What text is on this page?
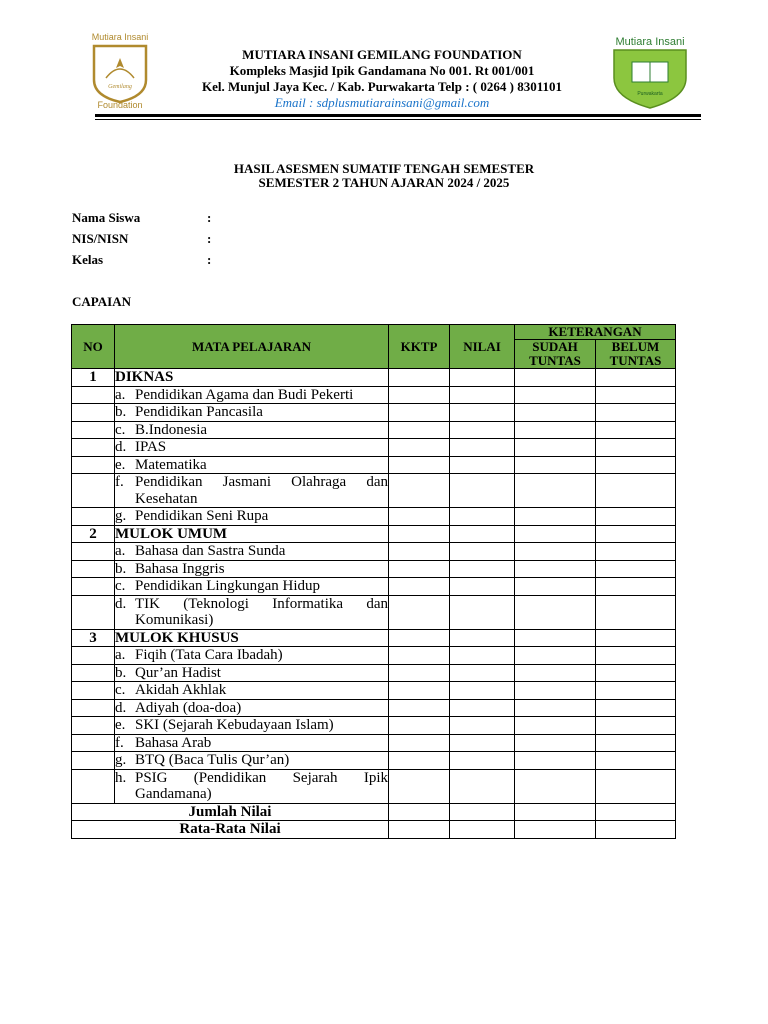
Mutiara Insani
Gemilang
Foundation
Mutiara Insani
Purwakarta
MUTIARA INSANI GEMILANG FOUNDATION
Kompleks Masjid Ipik Gandamana No 001. Rt 001/001
Kel. Munjul Jaya Kec. / Kab. Purwakarta Telp : ( 0264 ) 8301101
Email : sdplusmutiarainsani@gmail.com
HASIL ASESMEN SUMATIF TENGAH SEMESTER
SEMESTER 2 TAHUN AJARAN 2024 / 2025
Nama Siswa	:
NIS/NISN	:
Kelas	:
CAPAIAN
NO	MATA PELAJARAN	KKTP	NILAI	KETERANGAN	
				SUDAH TUNTAS	BELUM TUNTAS
1	DIKNAS				

	a. Pendidikan Agama dan Budi Pekerti				

	b. Pendidikan Pancasila				

	c. B.Indonesia				

	d. IPAS				

	e. Matematika				

	f. Pendidikan Jasmani Olahraga dan Kesehatan				

	g. Pendidikan Seni Rupa				

2	MULOK UMUM				

	a. Bahasa dan Sastra Sunda				

	b. Bahasa Inggris				

	c. Pendidikan Lingkungan Hidup				

	d. TIK (Teknologi Informatika dan Komunikasi)				

3	MULOK KHUSUS				

	a. Fiqih (Tata Cara Ibadah)				

	b. Qur’an Hadist				

	c. Akidah Akhlak				

	d. Adiyah (doa-doa)				

	e. SKI (Sejarah Kebudayaan Islam)				

	f. Bahasa Arab				

	g. BTQ (Baca Tulis Qur’an)				

	h. PSIG (Pendidikan Sejarah Ipik Gandamana)				

Jumlah Nilai					
Rata-Rata Nilai					
